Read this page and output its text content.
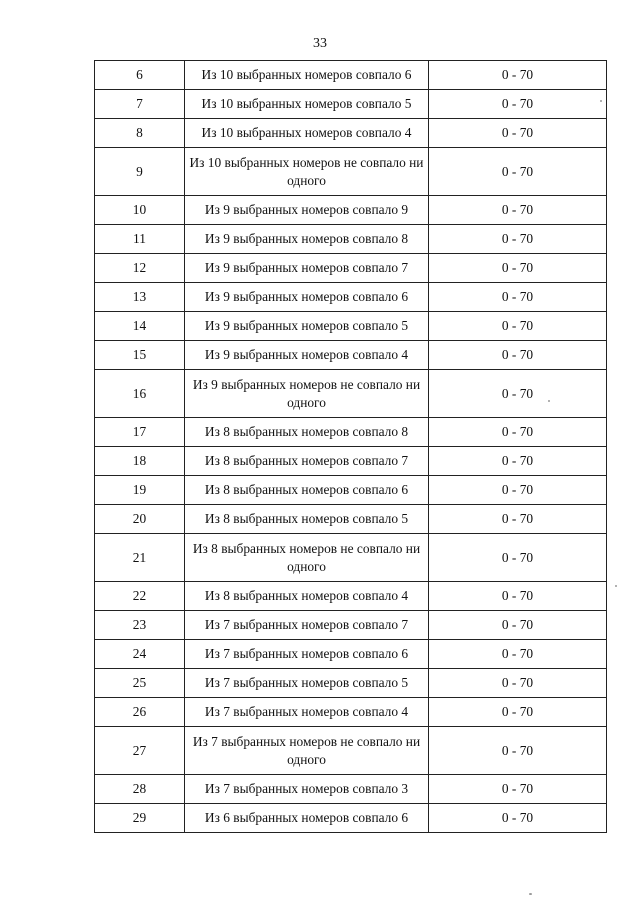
33
6	Из 10 выбранных номеров совпало 6	0 - 70
7	Из 10 выбранных номеров совпало 5	0 - 70
8	Из 10 выбранных номеров совпало 4	0 - 70
9	Из 10 выбранных номеров не совпало ни одного	0 - 70
10	Из 9 выбранных номеров совпало 9	0 - 70
11	Из 9 выбранных номеров совпало 8	0 - 70
12	Из 9 выбранных номеров совпало 7	0 - 70
13	Из 9 выбранных номеров совпало 6	0 - 70
14	Из 9 выбранных номеров совпало 5	0 - 70
15	Из 9 выбранных номеров совпало 4	0 - 70
16	Из 9 выбранных номеров не совпало ни одного	0 - 70
17	Из 8 выбранных номеров совпало 8	0 - 70
18	Из 8 выбранных номеров совпало 7	0 - 70
19	Из 8 выбранных номеров совпало 6	0 - 70
20	Из 8 выбранных номеров совпало 5	0 - 70
21	Из 8 выбранных номеров не совпало ни одного	0 - 70
22	Из 8 выбранных номеров совпало 4	0 - 70
23	Из 7 выбранных номеров совпало 7	0 - 70
24	Из 7 выбранных номеров совпало 6	0 - 70
25	Из 7 выбранных номеров совпало 5	0 - 70
26	Из 7 выбранных номеров совпало 4	0 - 70
27	Из 7 выбранных номеров не совпало ни одного	0 - 70
28	Из 7 выбранных номеров совпало 3	0 - 70
29	Из 6 выбранных номеров совпало 6	0 - 70
